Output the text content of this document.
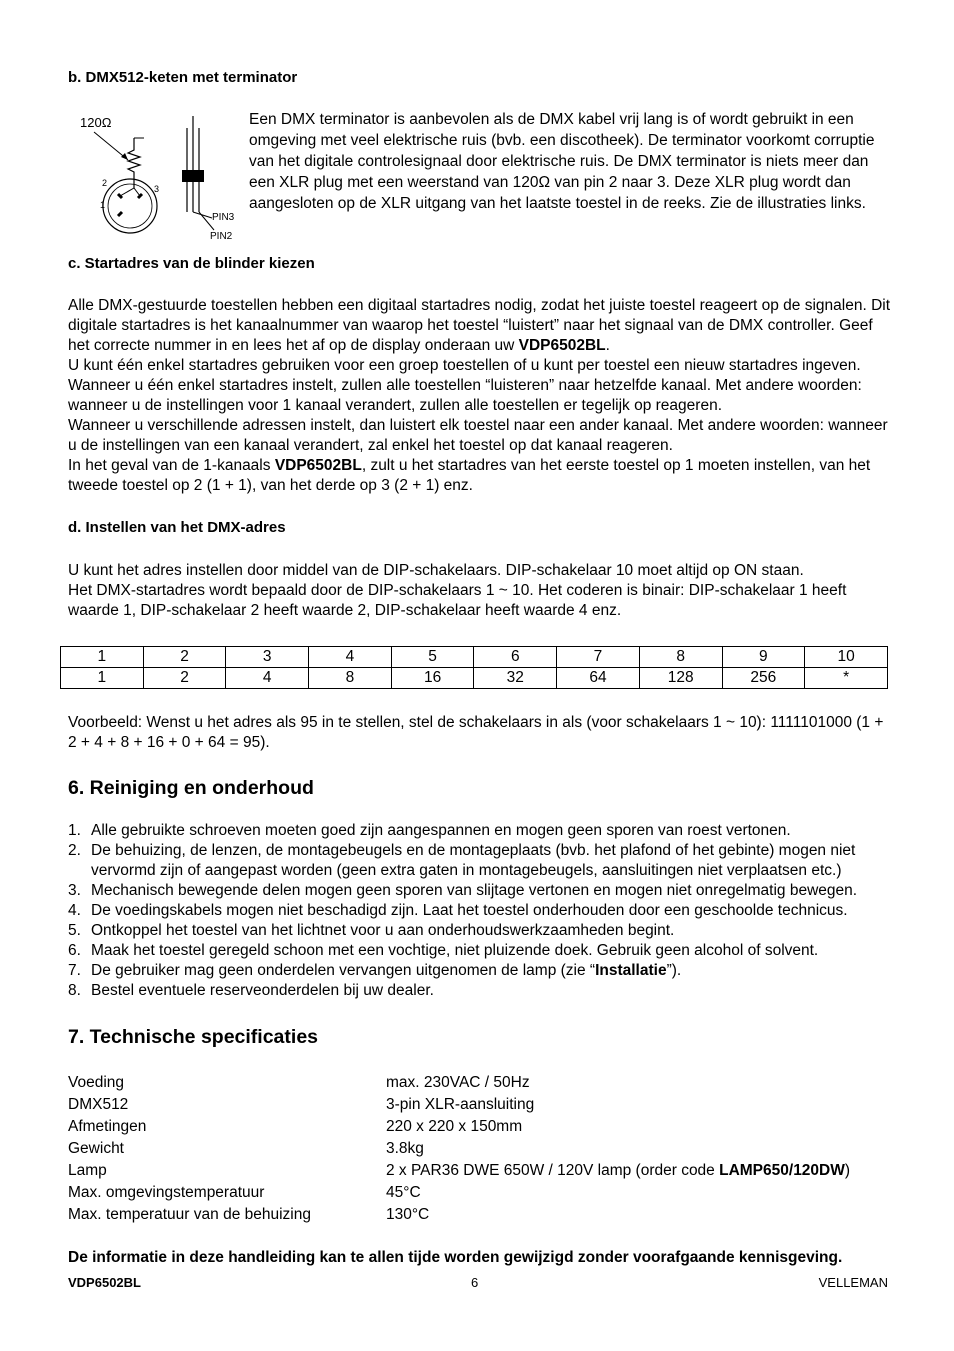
b. DMX512-keten met terminator

120Ω
2
3
1
PIN3
PIN2

Een DMX terminator is aanbevolen als de DMX kabel vrij lang is of wordt gebruikt in een omgeving met veel elektrische ruis (bvb. een discotheek). De terminator voorkomt corruptie van het digitale controlesignaal door elektrische ruis. De DMX terminator is niets meer dan een XLR plug met een weerstand van 120Ω van pin 2 naar 3. Deze XLR plug wordt dan aangesloten op de XLR uitgang van het laatste toestel in de reeks. Zie de illustraties links.

c. Startadres van de blinder kiezen

Alle DMX-gestuurde toestellen hebben een digitaal startadres nodig, zodat het juiste toestel reageert op de signalen. Dit digitale startadres is het kanaalnummer van waarop het toestel “luistert” naar het signaal van de DMX controller. Geef het correcte nummer in en lees het af op de display onderaan uw VDP6502BL.

U kunt één enkel startadres gebruiken voor een groep toestellen of u kunt per toestel een nieuw startadres ingeven. Wanneer u één enkel startadres instelt, zullen alle toestellen “luisteren” naar hetzelfde kanaal. Met andere woorden: wanneer u de instellingen voor 1 kanaal verandert, zullen alle toestellen er tegelijk op reageren.

Wanneer u verschillende adressen instelt, dan luistert elk toestel naar een ander kanaal. Met andere woorden: wanneer u de instellingen van een kanaal verandert, zal enkel het toestel op dat kanaal reageren.

In het geval van de 1-kanaals VDP6502BL, zult u het startadres van het eerste toestel op 1 moeten instellen, van het tweede toestel op 2 (1 + 1), van het derde op 3 (2 + 1) enz.

d. Instellen van het DMX-adres

U kunt het adres instellen door middel van de DIP-schakelaars. DIP-schakelaar 10 moet altijd op ON staan.

Het DMX-startadres wordt bepaald door de DIP-schakelaars 1 ~ 10. Het coderen is binair: DIP-schakelaar 1 heeft waarde 1, DIP-schakelaar 2 heeft waarde 2, DIP-schakelaar heeft waarde 4 enz.

1	2	3	4	5	6	7	8	9	10
1	2	4	8	16	32	64	128	256	*

Voorbeeld: Wenst u het adres als 95 in te stellen, stel de schakelaars in als (voor schakelaars 1 ~ 10): 1111101000 (1 + 2 + 4 + 8 + 16 + 0 + 64 = 95).

6. Reiniging en onderhoud

1. Alle gebruikte schroeven moeten goed zijn aangespannen en mogen geen sporen van roest vertonen.
2. De behuizing, de lenzen, de montagebeugels en de montageplaats (bvb. het plafond of het gebinte) mogen niet vervormd zijn of aangepast worden (geen extra gaten in montagebeugels, aansluitingen niet verplaatsen etc.)
3. Mechanisch bewegende delen mogen geen sporen van slijtage vertonen en mogen niet onregelmatig bewegen.
4. De voedingskabels mogen niet beschadigd zijn. Laat het toestel onderhouden door een geschoolde technicus.
5. Ontkoppel het toestel van het lichtnet voor u aan onderhoudswerkzaamheden begint.
6. Maak het toestel geregeld schoon met een vochtige, niet pluizende doek. Gebruik geen alcohol of solvent.
7. De gebruiker mag geen onderdelen vervangen uitgenomen de lamp (zie “Installatie”).
8. Bestel eventuele reserveonderdelen bij uw dealer.

7. Technische specificaties

Voeding	max. 230VAC / 50Hz
DMX512	3-pin XLR-aansluiting
Afmetingen	220 x 220 x 150mm
Gewicht	3.8kg
Lamp	2 x PAR36 DWE 650W / 120V lamp (order code LAMP650/120DW)
Max. omgevingstemperatuur	45°C
Max. temperatuur van de behuizing	130°C

De informatie in deze handleiding kan te allen tijde worden gewijzigd zonder voorafgaande kennisgeving.

VDP6502BL	6	VELLEMAN
